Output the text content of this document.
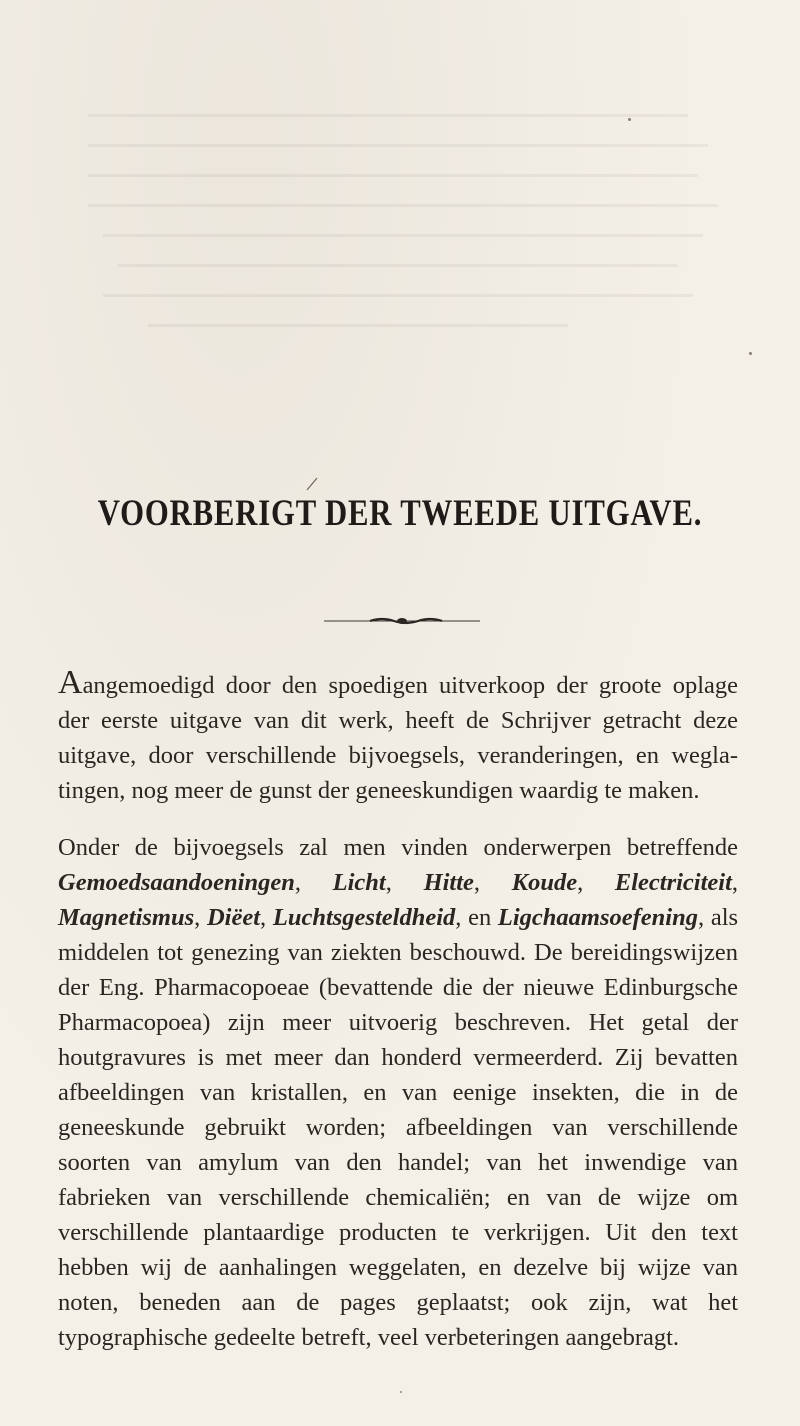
VOORBERIGT DER TWEEDE UITGAVE.

Aangemoedigd door den spoedigen uitverkoop der groote oplage der eerste uitgave van dit werk, heeft de Schrijver getracht deze uitgave, door verschillende bijvoegsels, veranderingen, en wegla-tingen, nog meer de gunst der geneeskundigen waardig te maken.

Onder de bijvoegsels zal men vinden onderwerpen betreffende Gemoedsaandoeningen, Licht, Hitte, Koude, Electriciteit, Magnetismus, Diëet, Luchtsgesteldheid, en Ligchaamsoefening, als middelen tot genezing van ziekten beschouwd. De bereidingswijzen der Eng. Pharmacopoeae (bevattende die der nieuwe Edinburgsche Pharmacopoea) zijn meer uitvoerig beschreven. Het getal der houtgravures is met meer dan honderd vermeerderd. Zij bevatten afbeeldingen van kristallen, en van eenige insekten, die in de geneeskunde gebruikt worden; afbeeldingen van verschillende soorten van amylum van den handel; van het inwendige van fabrieken van verschillende chemicaliën; en van de wijze om verschillende plantaardige producten te verkrijgen. Uit den text hebben wij de aanhalingen weggelaten, en dezelve bij wijze van noten, beneden aan de pages geplaatst; ook zijn, wat het typographische gedeelte betreft, veel verbeteringen aangebragt.
